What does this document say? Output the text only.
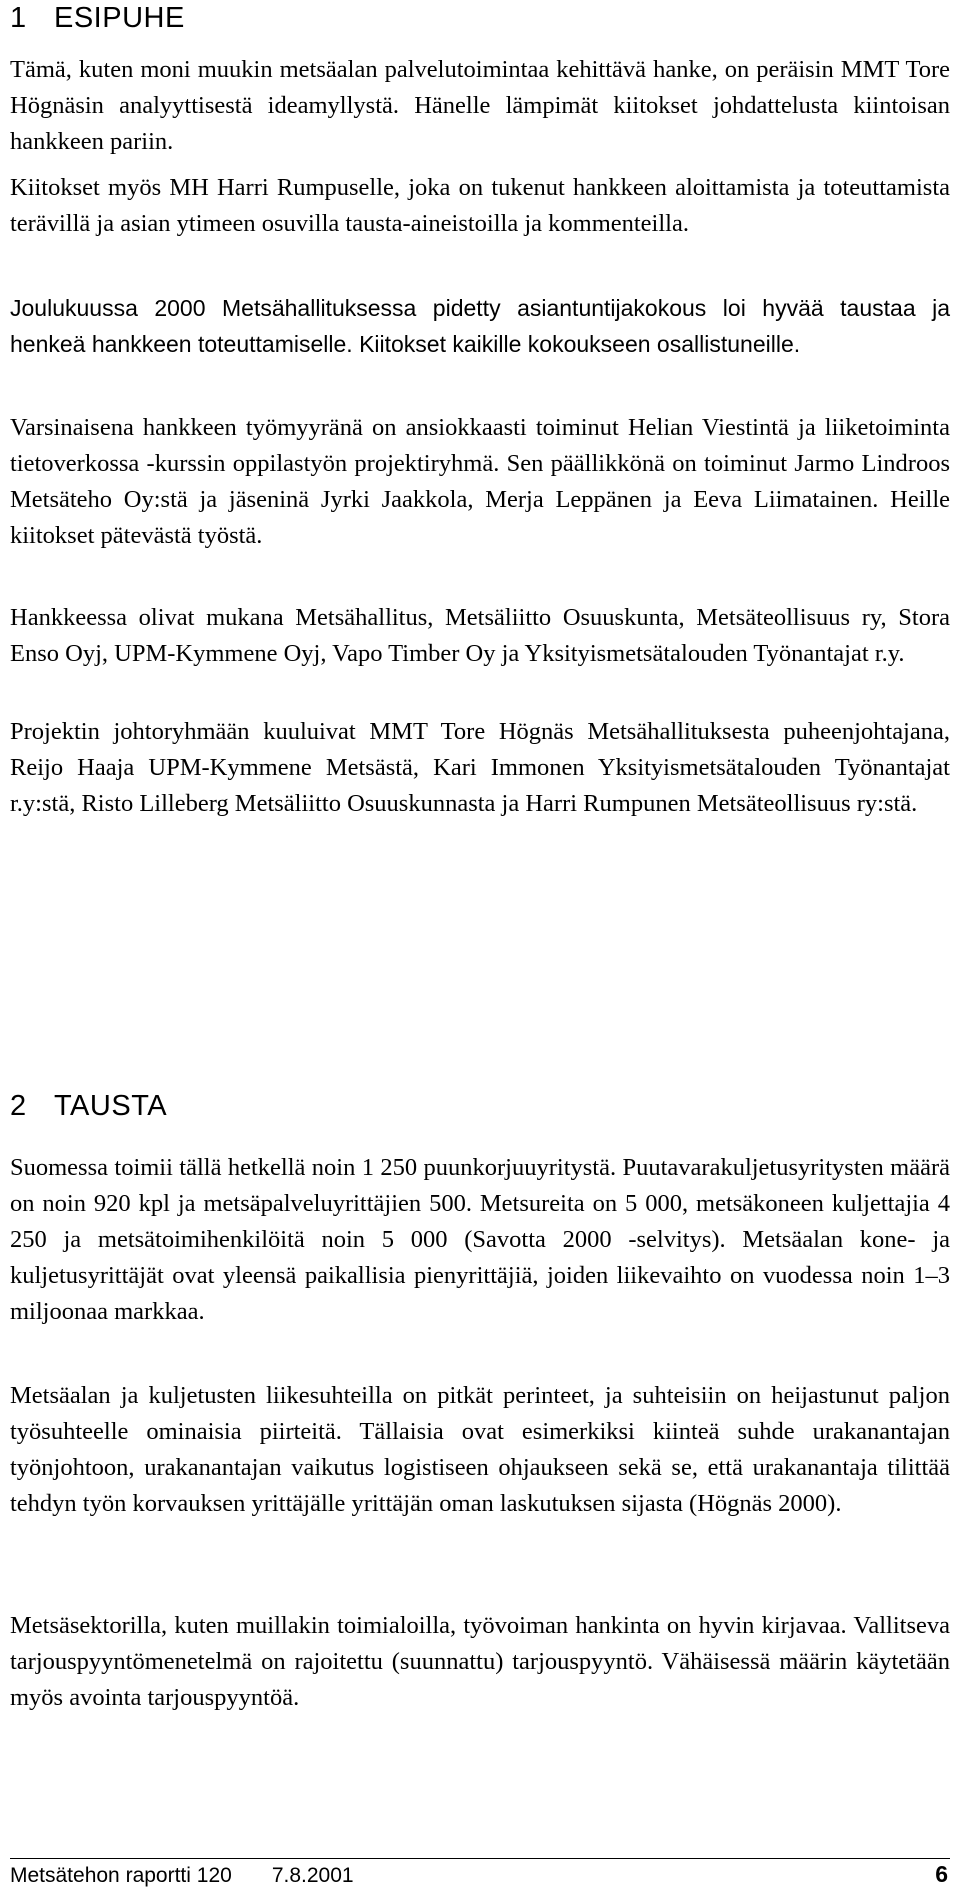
1 ESIPUHE

Tämä, kuten moni muukin metsäalan palvelutoimintaa kehittävä hanke, on peräisin MMT Tore Högnäsin analyyttisestä ideamyllystä. Hänelle lämpimät kiitokset johdattelusta kiintoisan hankkeen pariin.

Kiitokset myös MH Harri Rumpuselle, joka on tukenut hankkeen aloittamista ja toteuttamista terävillä ja asian ytimeen osuvilla tausta-aineistoilla ja kommenteilla.

Joulukuussa 2000 Metsähallituksessa pidetty asiantuntijakokous loi hyvää taustaa ja henkeä hankkeen toteuttamiselle. Kiitokset kaikille kokoukseen osallistuneille.

Varsinaisena hankkeen työmyyränä on ansiokkaasti toiminut Helian Viestintä ja liiketoiminta tietoverkossa -kurssin oppilastyön projektiryhmä. Sen päällikkönä on toiminut Jarmo Lindroos Metsäteho Oy:stä ja jäseninä Jyrki Jaakkola, Merja Leppänen ja Eeva Liimatainen. Heille kiitokset pätevästä työstä.

Hankkeessa olivat mukana Metsähallitus, Metsäliitto Osuuskunta, Metsäteollisuus ry, Stora Enso Oyj, UPM-Kymmene Oyj, Vapo Timber Oy ja Yksityismetsätalouden Työnantajat r.y.

Projektin johtoryhmään kuuluivat MMT Tore Högnäs Metsähallituksesta puheenjohtajana, Reijo Haaja UPM-Kymmene Metsästä, Kari Immonen Yksityismetsätalouden Työnantajat r.y:stä, Risto Lilleberg Metsäliitto Osuuskunnasta ja Harri Rumpunen Metsäteollisuus ry:stä.

2 TAUSTA

Suomessa toimii tällä hetkellä noin 1 250 puunkorjuuyritystä. Puutavarakuljetusyritysten määrä on noin 920 kpl ja metsäpalveluyrittäjien 500. Metsureita on 5 000, metsäkoneen kuljettajia 4 250 ja metsätoimihenkilöitä noin 5 000 (Savotta 2000 -selvitys). Metsäalan kone- ja kuljetusyrittäjät ovat yleensä paikallisia pienyrittäjiä, joiden liikevaihto on vuodessa noin 1–3 miljoonaa markkaa.

Metsäalan ja kuljetusten liikesuhteilla on pitkät perinteet, ja suhteisiin on heijastunut paljon työsuhteelle ominaisia piirteitä. Tällaisia ovat esimerkiksi kiinteä suhde urakanantajan työnjohtoon, urakanantajan vaikutus logistiseen ohjaukseen sekä se, että urakanantaja tilittää tehdyn työn korvauksen yrittäjälle yrittäjän oman laskutuksen sijasta (Högnäs 2000).

Metsäsektorilla, kuten muillakin toimialoilla, työvoiman hankinta on hyvin kirjavaa. Vallitseva tarjouspyyntömenetelmä on rajoitettu (suunnattu) tarjouspyyntö. Vähäisessä määrin käytetään myös avointa tarjouspyyntöä.

Metsätehon raportti 120 7.8.2001	6
